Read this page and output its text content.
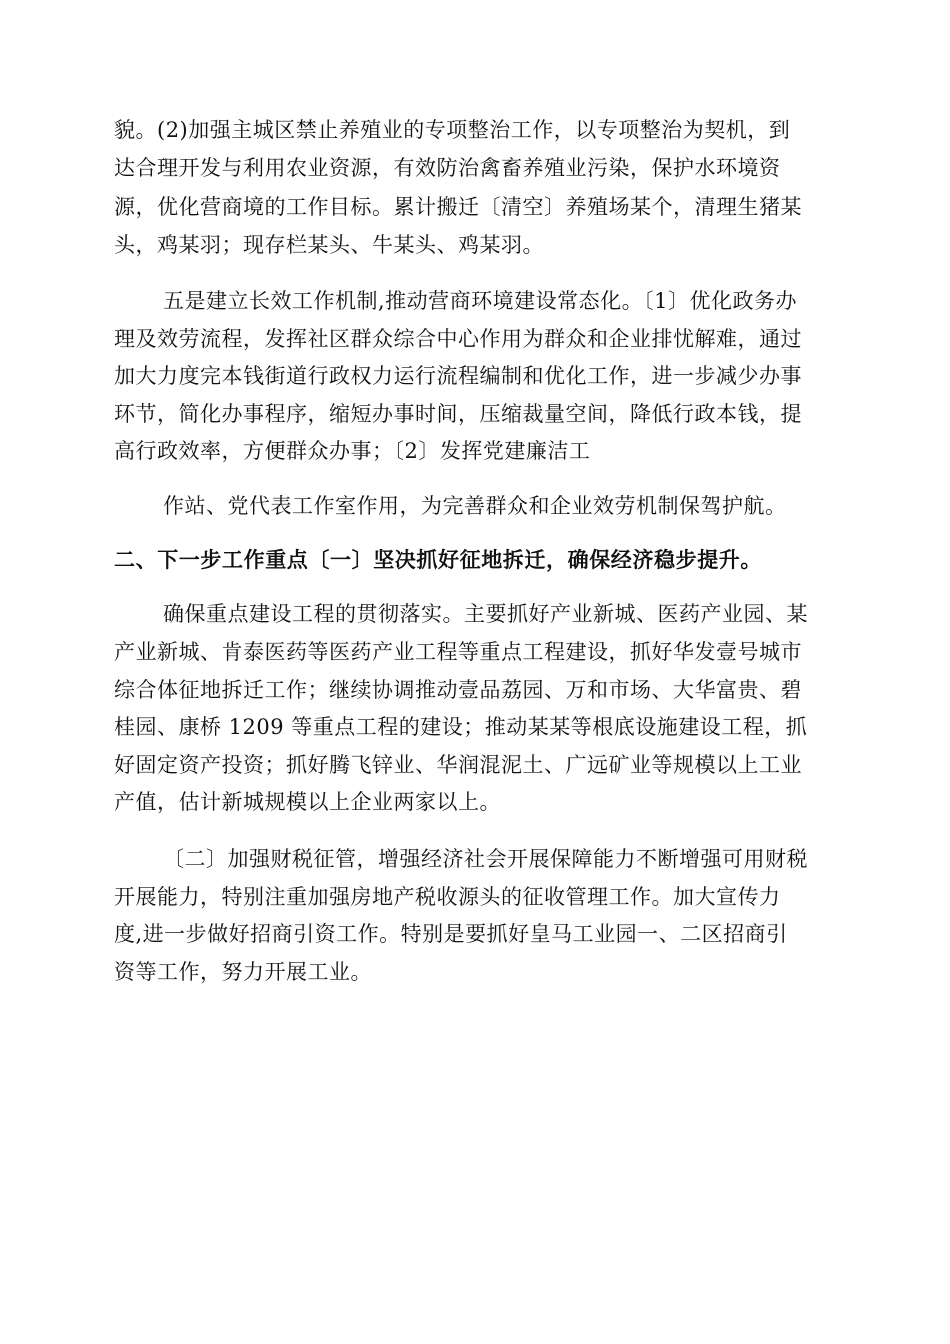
貌。(2)加强主城区禁止养殖业的专项整治工作，以专项整治为契机，到
达合理开发与利用农业资源，有效防治禽畜养殖业污染，保护水环境资
源，优化营商境的工作目标。累计搬迁〔清空〕养殖场某个，清理生猪某
头，鸡某羽；现存栏某头、牛某头、鸡某羽。
五是建立长效工作机制,推动营商环境建设常态化。〔1〕优化政务办
理及效劳流程，发挥社区群众综合中心作用为群众和企业排忧解难，通过
加大力度完本钱街道行政权力运行流程编制和优化工作，进一步减少办事
环节，简化办事程序，缩短办事时间，压缩裁量空间，降低行政本钱，提
高行政效率，方便群众办事；〔2〕发挥党建廉洁工
作站、党代表工作室作用，为完善群众和企业效劳机制保驾护航。
二、下一步工作重点〔一〕坚决抓好征地拆迁，确保经济稳步提升。
确保重点建设工程的贯彻落实。主要抓好产业新城、医药产业园、某
产业新城、肯泰医药等医药产业工程等重点工程建设，抓好华发壹号城市
综合体征地拆迁工作；继续协调推动壹品荔园、万和市场、大华富贵、碧
桂园、康桥 1209 等重点工程的建设；推动某某等根底设施建设工程，抓
好固定资产投资；抓好腾飞锌业、华润混泥土、广远矿业等规模以上工业
产值，估计新城规模以上企业两家以上。
〔二〕加强财税征管，增强经济社会开展保障能力不断增强可用财税
开展能力，特别注重加强房地产税收源头的征收管理工作。加大宣传力
度,进一步做好招商引资工作。特别是要抓好皇马工业园一、二区招商引
资等工作，努力开展工业。
